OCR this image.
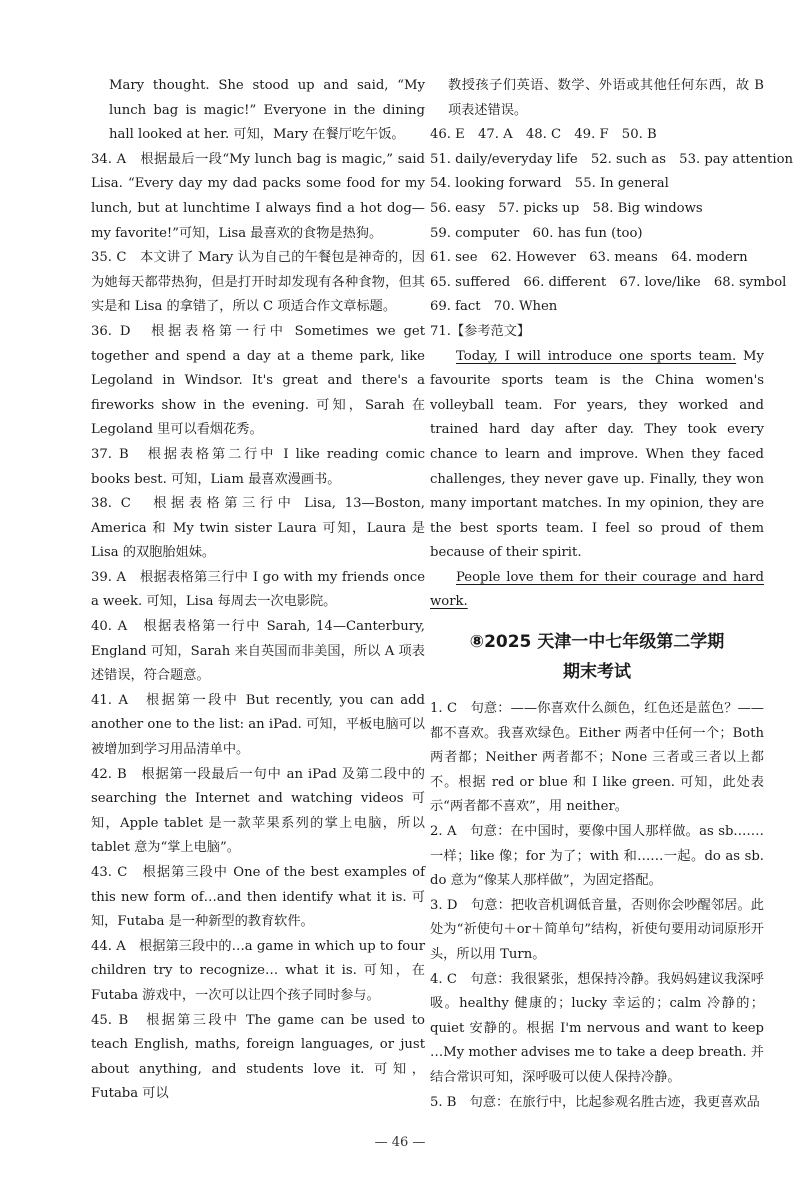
Mary thought. She stood up and said, “My lunch bag is magic!” Everyone in the dining hall looked at her. 可知，Mary 在餐厅吃午饭。
34. A　根据最后一段“My lunch bag is magic,” said Lisa. “Every day my dad packs some food for my lunch, but at lunchtime I always find a hot dog—my favorite!”可知，Lisa 最喜欢的食物是热狗。
35. C　本文讲了 Mary 认为自己的午餐包是神奇的，因为她每天都带热狗，但是打开时却发现有各种食物，但其实是和 Lisa 的拿错了，所以 C 项适合作文章标题。
36. D　根据表格第一行中 Sometimes we get together and spend a day at a theme park, like Legoland in Windsor. It's great and there's a fireworks show in the evening. 可知，Sarah 在 Legoland 里可以看烟花秀。
37. B　根据表格第二行中 I like reading comic books best. 可知，Liam 最喜欢漫画书。
38. C　根据表格第三行中 Lisa, 13—Boston, America 和 My twin sister Laura 可知，Laura 是 Lisa 的双胞胎姐妹。
39. A　根据表格第三行中 I go with my friends once a week. 可知，Lisa 每周去一次电影院。
40. A　根据表格第一行中 Sarah, 14—Canterbury, England 可知，Sarah 来自英国而非美国，所以 A 项表述错误，符合题意。
41. A　根据第一段中 But recently, you can add another one to the list: an iPad. 可知，平板电脑可以被增加到学习用品清单中。
42. B　根据第一段最后一句中 an iPad 及第二段中的 searching the Internet and watching videos 可知，Apple tablet 是一款苹果系列的掌上电脑，所以 tablet 意为“掌上电脑”。
43. C　根据第三段中 One of the best examples of this new form of…and then identify what it is. 可知，Futaba 是一种新型的教育软件。
44. A　根据第三段中的…a game in which up to four children try to recognize… what it is. 可知，在 Futaba 游戏中，一次可以让四个孩子同时参与。
45. B　根据第三段中 The game can be used to teach English, maths, foreign languages, or just about anything, and students love it. 可知，Futaba 可以
教授孩子们英语、数学、外语或其他任何东西，故 B 项表述错误。
46. E　47. A　48. C　49. F　50. B
51. daily/everyday life　52. such as　53. pay attention
54. looking forward　55. In general
56. easy　57. picks up　58. Big windows
59. computer　60. has fun (too)
61. see　62. However　63. means　64. modern
65. suffered　66. different　67. love/like　68. symbol
69. fact　70. When
71.【参考范文】

Today, I will introduce one sports team. My favourite sports team is the China women's volleyball team. For years, they worked and trained hard day after day. They took every chance to learn and improve. When they faced challenges, they never gave up. Finally, they won many important matches. In my opinion, they are the best sports team. I feel so proud of them because of their spirit.

People love them for their courage and hard work.

⑧2025 天津一中七年级第二学期
期末考试
1. C　句意：——你喜欢什么颜色，红色还是蓝色？——都不喜欢。我喜欢绿色。Either 两者中任何一个；Both 两者都；Neither 两者都不；None 三者或三者以上都不。根据 red or blue 和 I like green. 可知，此处表示“两者都不喜欢”，用 neither。
2. A　句意：在中国时，要像中国人那样做。as sb.……一样；like 像；for 为了；with 和……一起。do as sb. do 意为“像某人那样做”，为固定搭配。
3. D　句意：把收音机调低音量，否则你会吵醒邻居。此处为“祈使句＋or＋简单句”结构，祈使句要用动词原形开头，所以用 Turn。
4. C　句意：我很紧张，想保持冷静。我妈妈建议我深呼吸。healthy 健康的；lucky 幸运的；calm 冷静的；quiet 安静的。根据 I'm nervous and want to keep …My mother advises me to take a deep breath. 并结合常识可知，深呼吸可以使人保持冷静。
5. B　句意：在旅行中，比起参观名胜古迹，我更喜欢品
— 46 —
